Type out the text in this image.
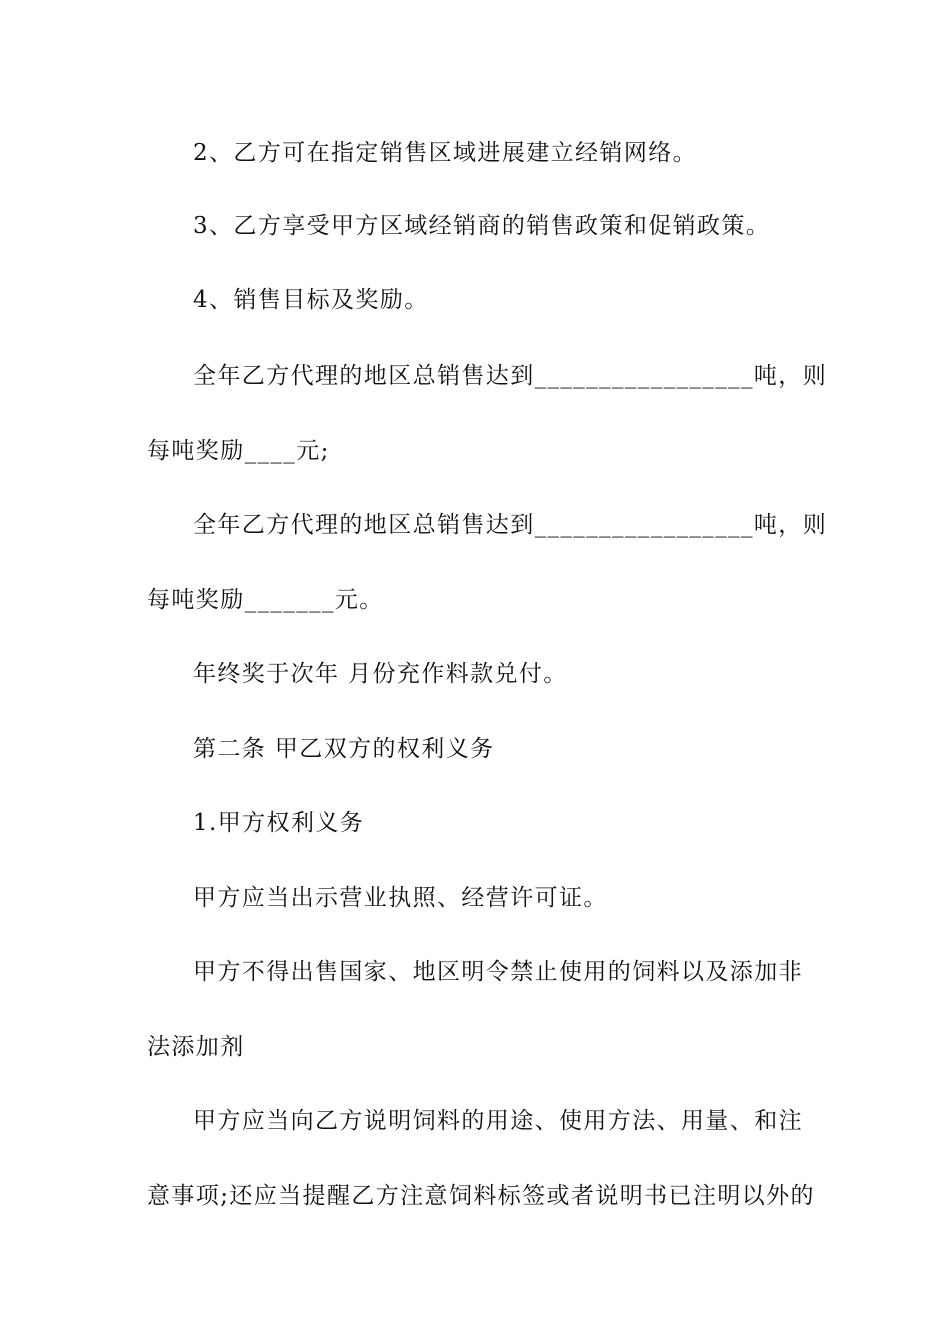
2、乙方可在指定销售区域进展建立经销网络。
3、乙方享受甲方区域经销商的销售政策和促销政策。
4、销售目标及奖励。
全年乙方代理的地区总销售达到_________________吨，则
每吨奖励____元;
全年乙方代理的地区总销售达到_________________吨，则
每吨奖励_______元。
年终奖于次年 月份充作料款兑付。
第二条 甲乙双方的权利义务
1.甲方权利义务
甲方应当出示营业执照、经营许可证。
甲方不得出售国家、地区明令禁止使用的饲料以及添加非
法添加剂
甲方应当向乙方说明饲料的用途、使用方法、用量、和注
意事项;还应当提醒乙方注意饲料标签或者说明书已注明以外的
